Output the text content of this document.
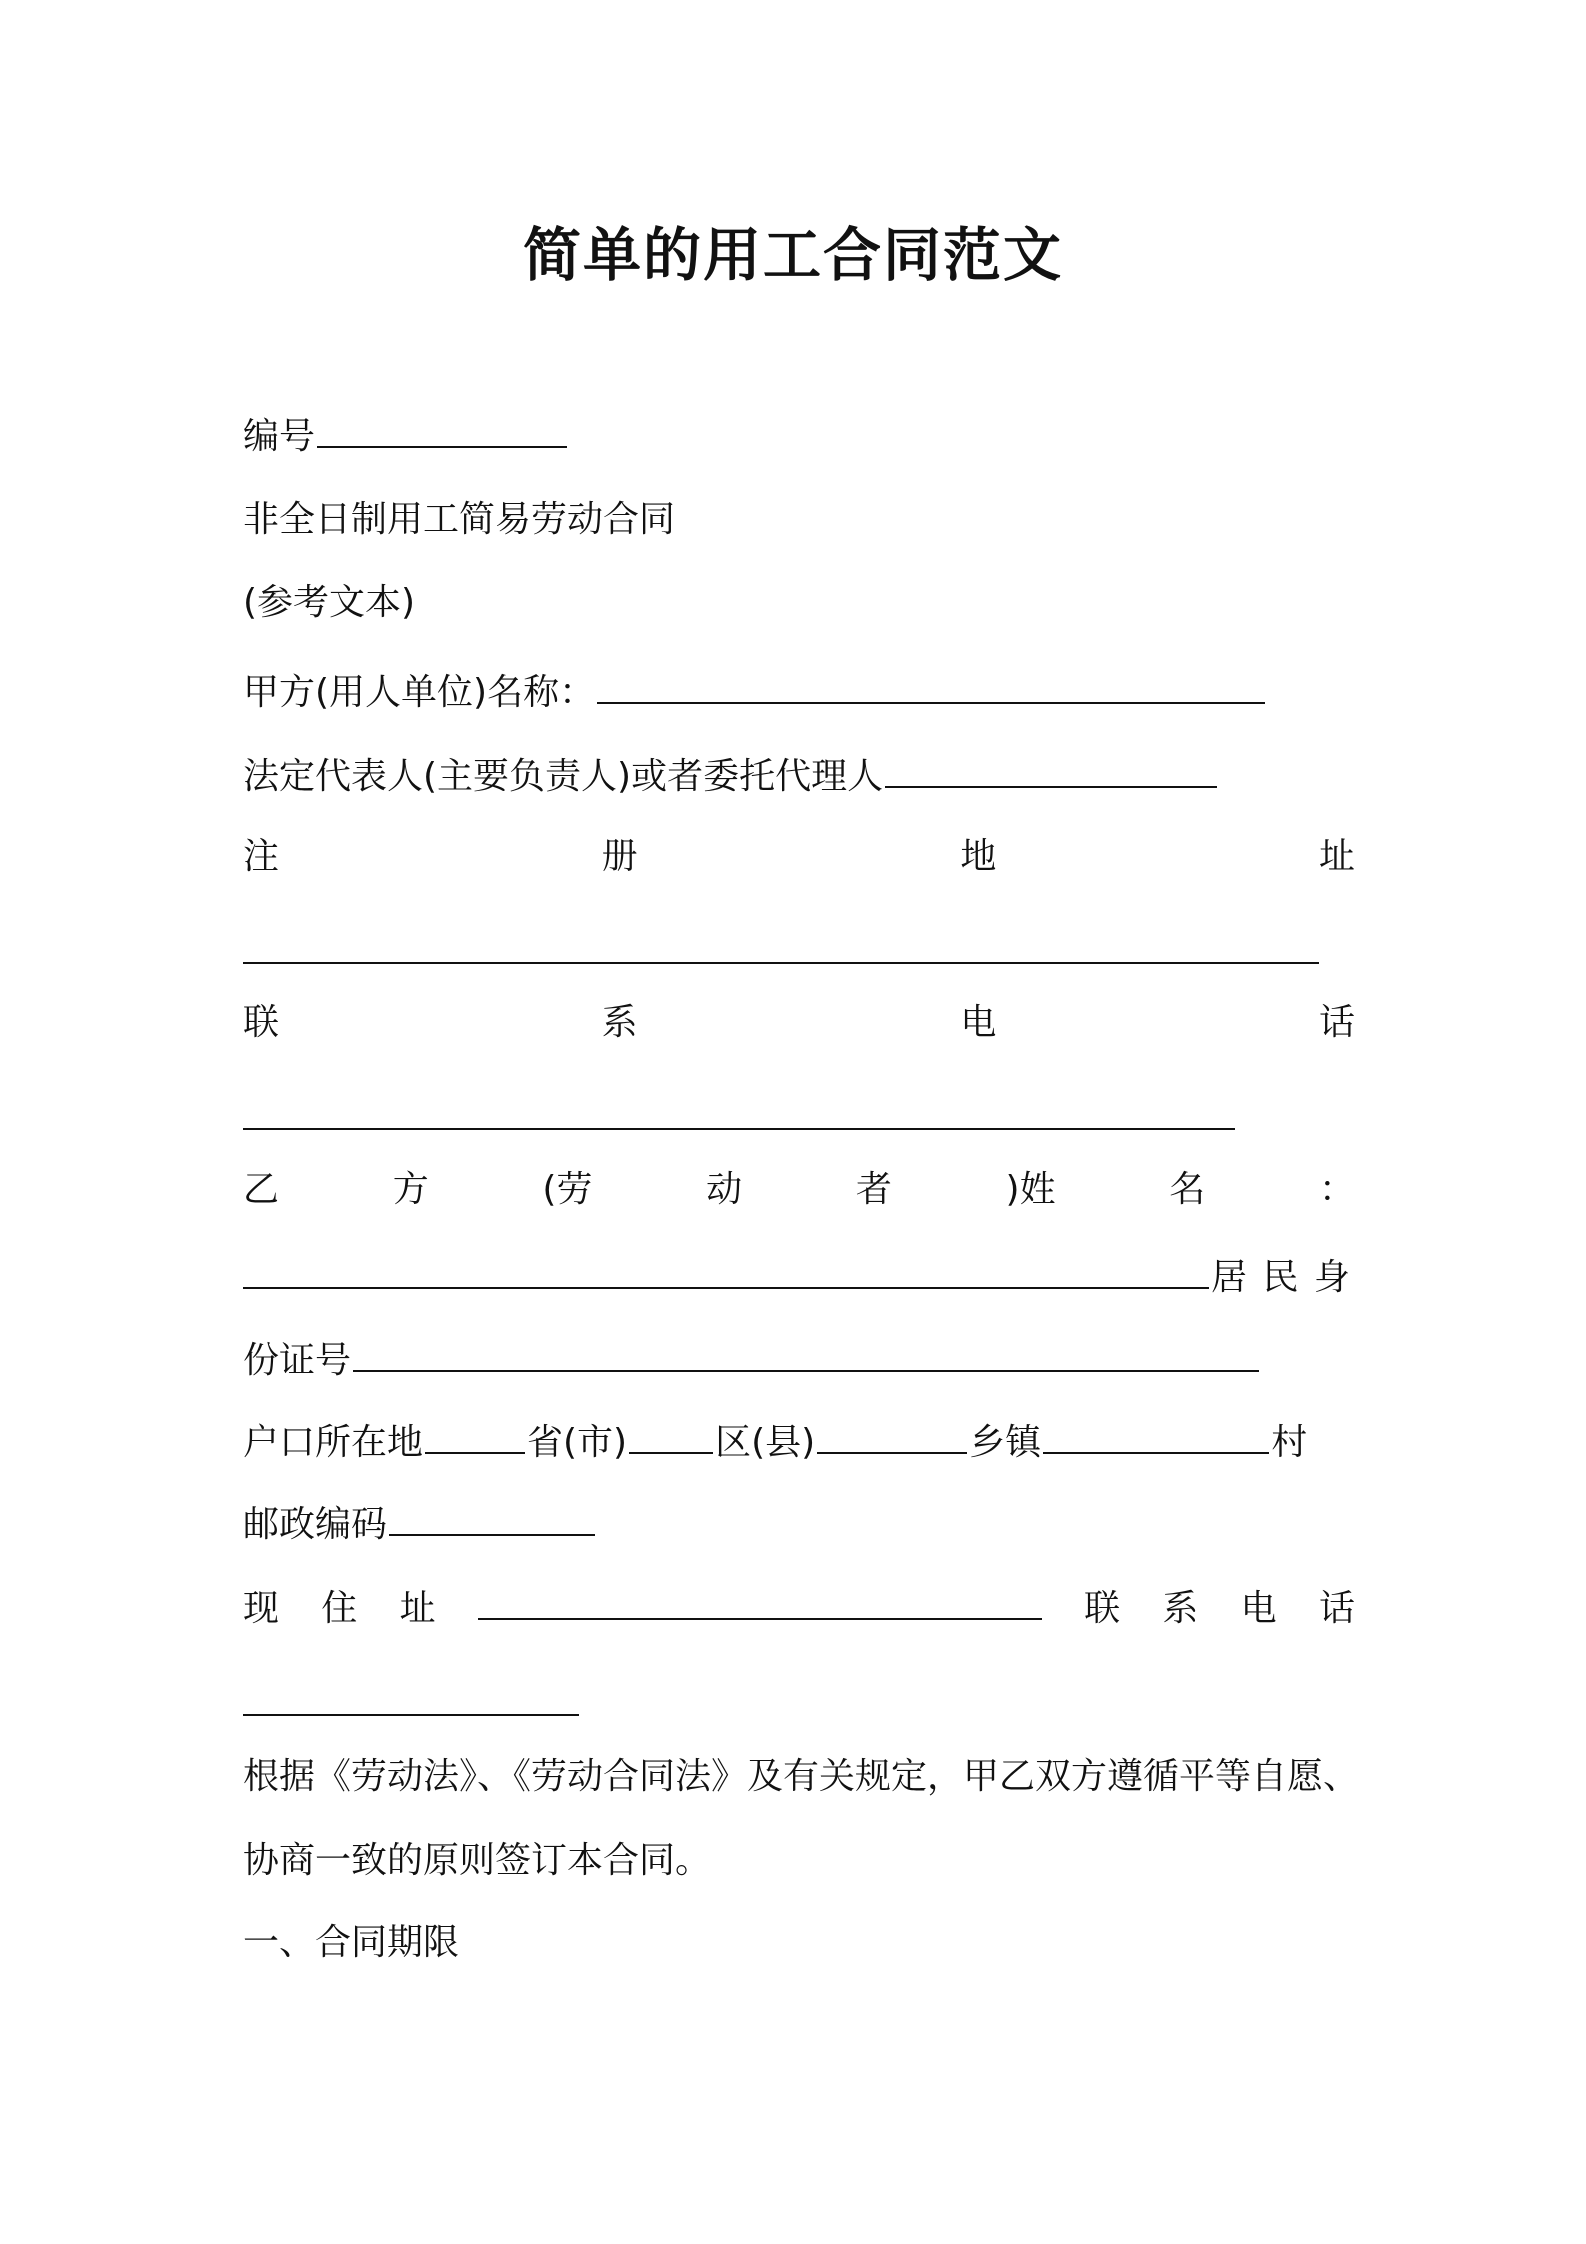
简单的用工合同范文
编号
非全日制用工简易劳动合同
(参考文本)
甲方(用人单位)名称：
法定代表人(主要负责人)或者委托代理人
注	册	地	址
联	系	电	话
乙	方	(劳	动	者	)姓	名	：
居 民 身
份证号
户口所在地	省(市) 区(县)	乡镇	村
邮政编码
现 住 址	联 系 电 话
根据《劳动法》、《劳动合同法》及有关规定，甲乙双方遵循平等自愿、
协商一致的原则签订本合同。
一、合同期限
